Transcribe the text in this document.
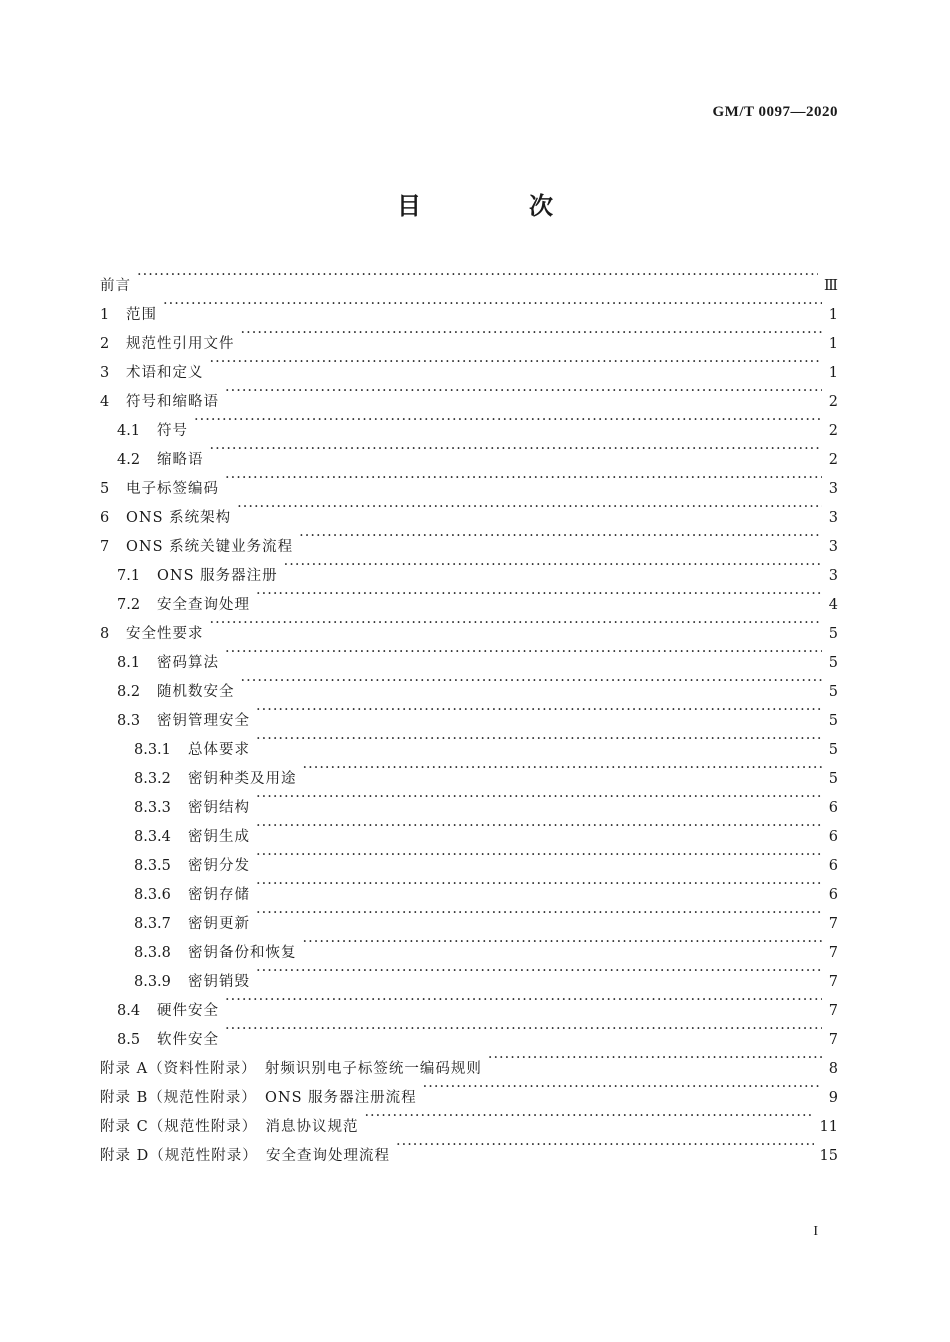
GM/T 0097—2020
目　次
前言 ·····	Ⅲ
1	范围 ·····	1
2	规范性引用文件 ·····	1
3	术语和定义 ·····	1
4	符号和缩略语 ·····	2
4.1	符号 ·····	2
4.2	缩略语 ·····	2
5	电子标签编码 ·····	3
6	ONS 系统架构 ·····	3
7	ONS 系统关键业务流程 ·····	3
7.1	ONS 服务器注册 ·····	3
7.2	安全查询处理 ·····	4
8	安全性要求 ·····	5
8.1	密码算法 ·····	5
8.2	随机数安全 ·····	5
8.3	密钥管理安全 ·····	5
8.3.1	总体要求 ·····	5
8.3.2	密钥种类及用途 ·····	5
8.3.3	密钥结构 ·····	6
8.3.4	密钥生成 ·····	6
8.3.5	密钥分发 ·····	6
8.3.6	密钥存储 ·····	6
8.3.7	密钥更新 ·····	7
8.3.8	密钥备份和恢复 ·····	7
8.3.9	密钥销毁 ·····	7
8.4	硬件安全 ·····	7
8.5	软件安全 ·····	7
附录 A（资料性附录）　射频识别电子标签统一编码规则 ·····	8
附录 B（规范性附录）　ONS 服务器注册流程 ·····	9
附录 C（规范性附录）　消息协议规范 ·····	11
附录 D（规范性附录）　安全查询处理流程 ·····	15
I
